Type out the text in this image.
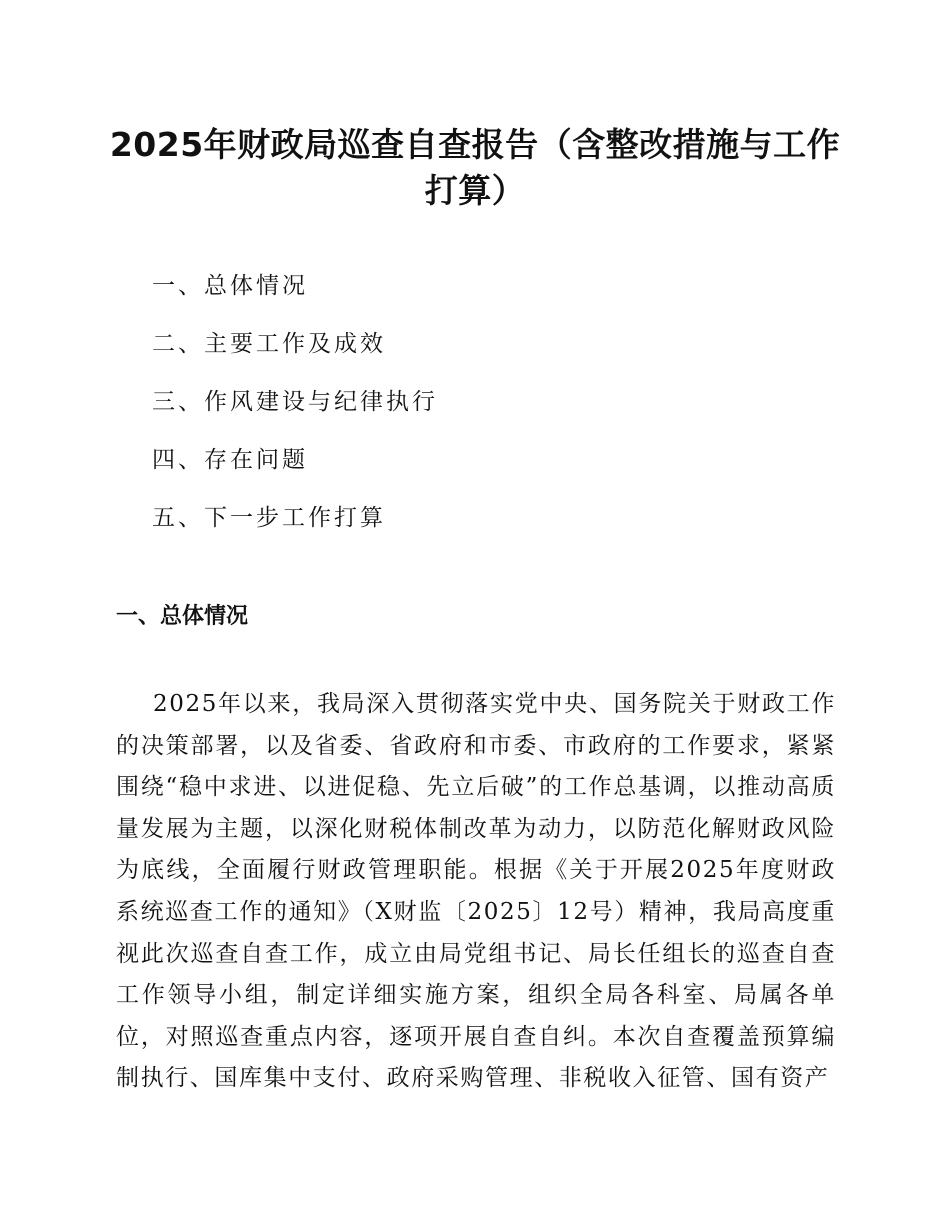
2025年财政局巡查自查报告（含整改措施与工作打算）
一、总体情况
二、主要工作及成效
三、作风建设与纪律执行
四、存在问题
五、下一步工作打算
一、总体情况

2025年以来，我局深入贯彻落实党中央、国务院关于财政工作的决策部署，以及省委、省政府和市委、市政府的工作要求，紧紧围绕“稳中求进、以进促稳、先立后破”的工作总基调，以推动高质量发展为主题，以深化财税体制改革为动力，以防范化解财政风险为底线，全面履行财政管理职能。根据《关于开展2025年度财政系统巡查工作的通知》（X财监〔2025〕12号）精神，我局高度重视此次巡查自查工作，成立由局党组书记、局长任组长的巡查自查工作领导小组，制定详细实施方案，组织全局各科室、局属各单位，对照巡查重点内容，逐项开展自查自纠。本次自查覆盖预算编制执行、国库集中支付、政府采购管理、非税收入征管、国有资产
